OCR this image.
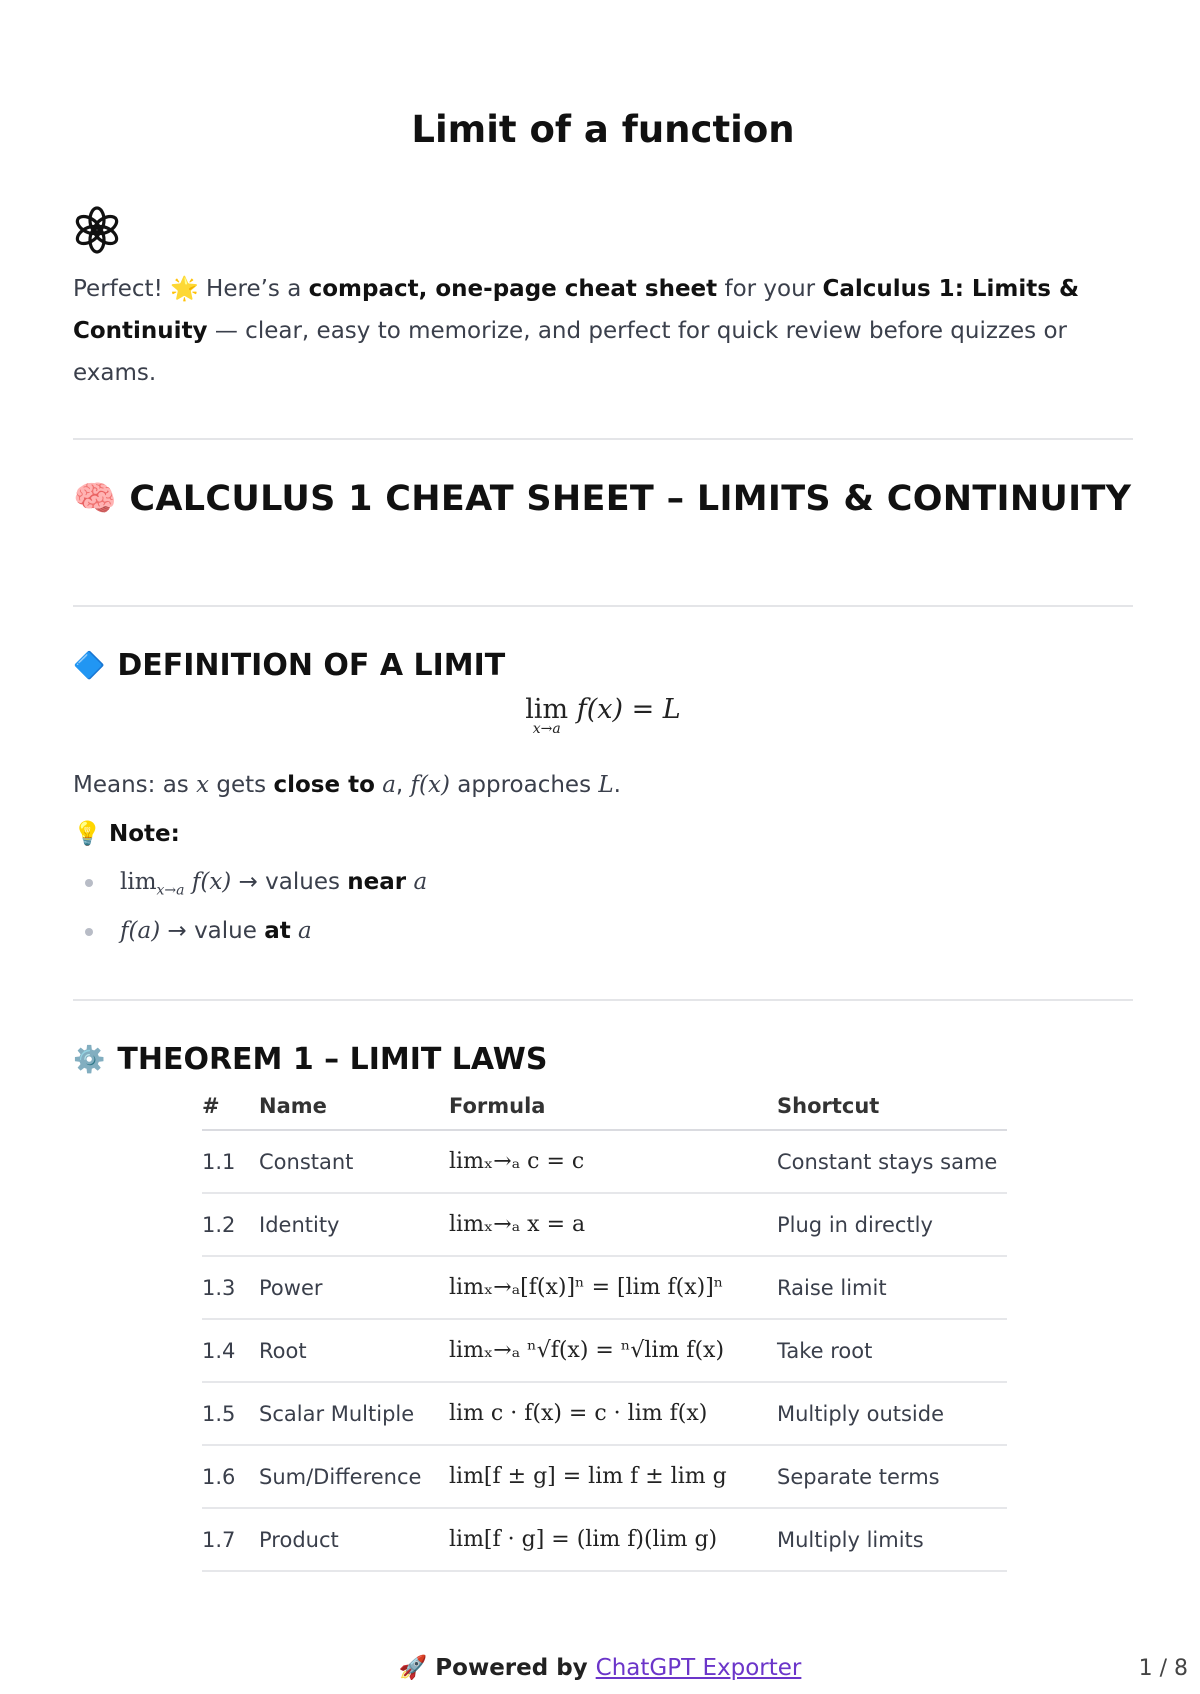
Limit of a function

Perfect! 🌟 Here’s a compact, one-page cheat sheet for your Calculus 1: Limits & Continuity — clear, easy to memorize, and perfect for quick review before quizzes or exams.

🧠 CALCULUS 1 CHEAT SHEET – LIMITS & CONTINUITY
🔷 DEFINITION OF A LIMIT
lim
x→a
f(x) = L

Means: as x gets close to a, f(x) approaches L.

💡 Note:

$\lim_{x\to a} f(x)$ → values near a
f(a) → value at a
⚙️ THEOREM 1 – LIMIT LAWS
#	Name	Formula	Shortcut
1.1	Constant	limₓ→ₐ c = c	Constant stays same
1.2	Identity	limₓ→ₐ x = a	Plug in directly
1.3	Power	limₓ→ₐ[f(x)]ⁿ = [lim f(x)]ⁿ	Raise limit
1.4	Root	limₓ→ₐ ⁿ√f(x) = ⁿ√lim f(x)	Take root
1.5	Scalar Multiple	lim c · f(x) = c · lim f(x)	Multiply outside
1.6	Sum/Difference	lim[f ± g] = lim f ± lim g	Separate terms
1.7	Product	lim[f · g] = (lim f)(lim g)	Multiply limits
🚀 Powered by ChatGPT Exporter	1 / 8
